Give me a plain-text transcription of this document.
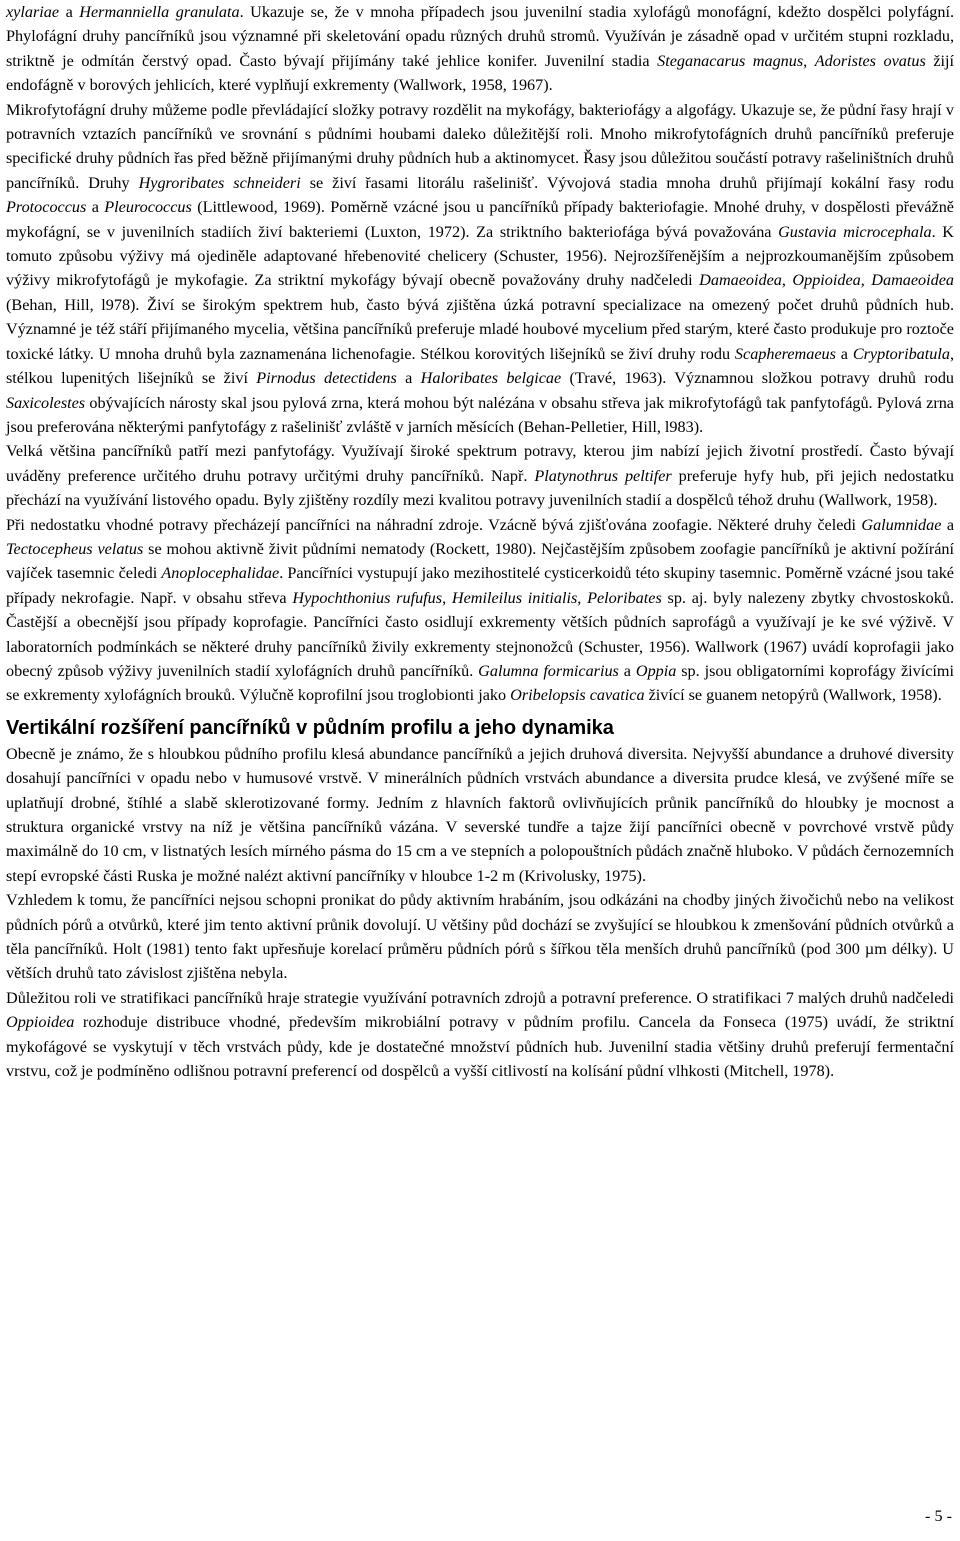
xylariae a Hermanniella granulata. Ukazuje se, že v mnoha případech jsou juvenilní stadia xylofágů monofágní, kdežto dospělci polyfágní. Phylofágní druhy pancířníků jsou významné při skeletování opadu různých druhů stromů. Využíván je zásadně opad v určitém stupni rozkladu, striktně je odmítán čerstvý opad. Často bývají přijímány také jehlice konifer. Juvenilní stadia Steganacarus magnus, Adoristes ovatus žijí endofágně v borových jehlicích, které vyplňují exkrementy (Wallwork, 1958, 1967).

Mikrofytofágní druhy můžeme podle převládající složky potravy rozdělit na mykofágy, bakteriofágy a algofágy. Ukazuje se, že půdní řasy hrají v potravních vztazích pancířníků ve srovnání s půdními houbami daleko důležitější roli. Mnoho mikrofytofágních druhů pancířníků preferuje specifické druhy půdních řas před běžně přijímanými druhy půdních hub a aktinomycet. Řasy jsou důležitou součástí potravy rašeliništních druhů pancířníků. Druhy Hygroribates schneideri se živí řasami litorálu rašelinišť. Vývojová stadia mnoha druhů přijímají kokální řasy rodu Protococcus a Pleurococcus (Littlewood, 1969). Poměrně vzácné jsou u pancířníků případy bakteriofagie. Mnohé druhy, v dospělosti převážně mykofágní, se v juvenilních stadiích živí bakteriemi (Luxton, 1972). Za striktního bakteriofága bývá považována Gustavia microcephala. K tomuto způsobu výživy má ojediněle adaptované hřebenovité chelicery (Schuster, 1956). Nejrozšířenějším a nejprozkoumanějším způsobem výživy mikrofytofágů je mykofagie. Za striktní mykofágy bývají obecně považovány druhy nadčeledi Damaeoidea, Oppioidea, Damaeoidea (Behan, Hill, l978). Živí se širokým spektrem hub, často bývá zjištěna úzká potravní specializace na omezený počet druhů půdních hub. Významné je též stáří přijímaného mycelia, většina pancířníků preferuje mladé houbové mycelium před starým, které často produkuje pro roztoče toxické látky. U mnoha druhů byla zaznamenána lichenofagie. Stélkou korovitých lišejníků se živí druhy rodu Scapheremaeus a Cryptoribatula, stélkou lupenitých lišejníků se živí Pirnodus detectidens a Haloribates belgicae (Travé, 1963). Významnou složkou potravy druhů rodu Saxicolestes obývajících nárosty skal jsou pylová zrna, která mohou být nalézána v obsahu střeva jak mikrofytofágů tak panfytofágů. Pylová zrna jsou preferována některými panfytofágy z rašelinišť zvláště v jarních měsících (Behan-Pelletier, Hill, l983).

Velká většina pancířníků patří mezi panfytofágy. Využívají široké spektrum potravy, kterou jim nabízí jejich životní prostředí. Často bývají uváděny preference určitého druhu potravy určitými druhy pancířníků. Např. Platynothrus peltifer preferuje hyfy hub, při jejich nedostatku přechází na využívání listového opadu. Byly zjištěny rozdíly mezi kvalitou potravy juvenilních stadií a dospělců téhož druhu (Wallwork, 1958).

Při nedostatku vhodné potravy přecházejí pancířníci na náhradní zdroje. Vzácně bývá zjišťována zoofagie. Některé druhy čeledi Galumnidae a Tectocepheus velatus se mohou aktivně živit půdními nematody (Rockett, 1980). Nejčastějším způsobem zoofagie pancířníků je aktivní požírání vajíček tasemnic čeledi Anoplocephalidae. Pancířníci vystupují jako mezihostitelé cysticerkoidů této skupiny tasemnic. Poměrně vzácné jsou také případy nekrofagie. Např. v obsahu střeva Hypochthonius rufufus, Hemileilus initialis, Peloribates sp. aj. byly nalezeny zbytky chvostoskoků. Častější a obecnější jsou případy koprofagie. Pancířníci často osidlují exkrementy větších půdních saprofágů a využívají je ke své výživě. V laboratorních podmínkách se některé druhy pancířníků živily exkrementy stejnonožců (Schuster, 1956). Wallwork (1967) uvádí koprofagii jako obecný způsob výživy juvenilních stadií xylofágních druhů pancířníků. Galumna formicarius a Oppia sp. jsou obligatorními koprofágy živícími se exkrementy xylofágních brouků. Výlučně koprofilní jsou troglobionti jako Oribelopsis cavatica živící se guanem netopýrů (Wallwork, 1958).

Vertikální rozšíření pancířníků v půdním profilu a jeho dynamika

Obecně je známo, že s hloubkou půdního profilu klesá abundance pancířníků a jejich druhová diversita. Nejvyšší abundance a druhové diversity dosahují pancířníci v opadu nebo v humusové vrstvě. V minerálních půdních vrstvách abundance a diversita prudce klesá, ve zvýšené míře se uplatňují drobné, štíhlé a slabě sklerotizované formy. Jedním z hlavních faktorů ovlivňujících průnik pancířníků do hloubky je mocnost a struktura organické vrstvy na níž je většina pancířníků vázána. V severské tundře a tajze žijí pancířníci obecně v povrchové vrstvě půdy maximálně do 10 cm, v listnatých lesích mírného pásma do 15 cm a ve stepních a polopouštních půdách značně hluboko. V půdách černozemních stepí evropské části Ruska je možné nalézt aktivní pancířníky v hloubce 1-2 m (Krivolusky, 1975).

Vzhledem k tomu, že pancířníci nejsou schopni pronikat do půdy aktivním hrabáním, jsou odkázáni na chodby jiných živočichů nebo na velikost půdních pórů a otvůrků, které jim tento aktivní průnik dovolují. U většiny půd dochází se zvyšující se hloubkou k zmenšování půdních otvůrků a těla pancířníků. Holt (1981) tento fakt upřesňuje korelací průměru půdních pórů s šířkou těla menších druhů pancířníků (pod 300 µm délky). U větších druhů tato závislost zjištěna nebyla.

Důležitou roli ve stratifikaci pancířníků hraje strategie využívání potravních zdrojů a potravní preference. O stratifikaci 7 malých druhů nadčeledi Oppioidea rozhoduje distribuce vhodné, především mikrobiální potravy v půdním profilu. Cancela da Fonseca (1975) uvádí, že striktní mykofágové se vyskytují v těch vrstvách půdy, kde je dostatečné množství půdních hub. Juvenilní stadia většiny druhů preferují fermentační vrstvu, což je podmíněno odlišnou potravní preferencí od dospělců a vyšší citlivostí na kolísání půdní vlhkosti (Mitchell, 1978).

- 5 -
